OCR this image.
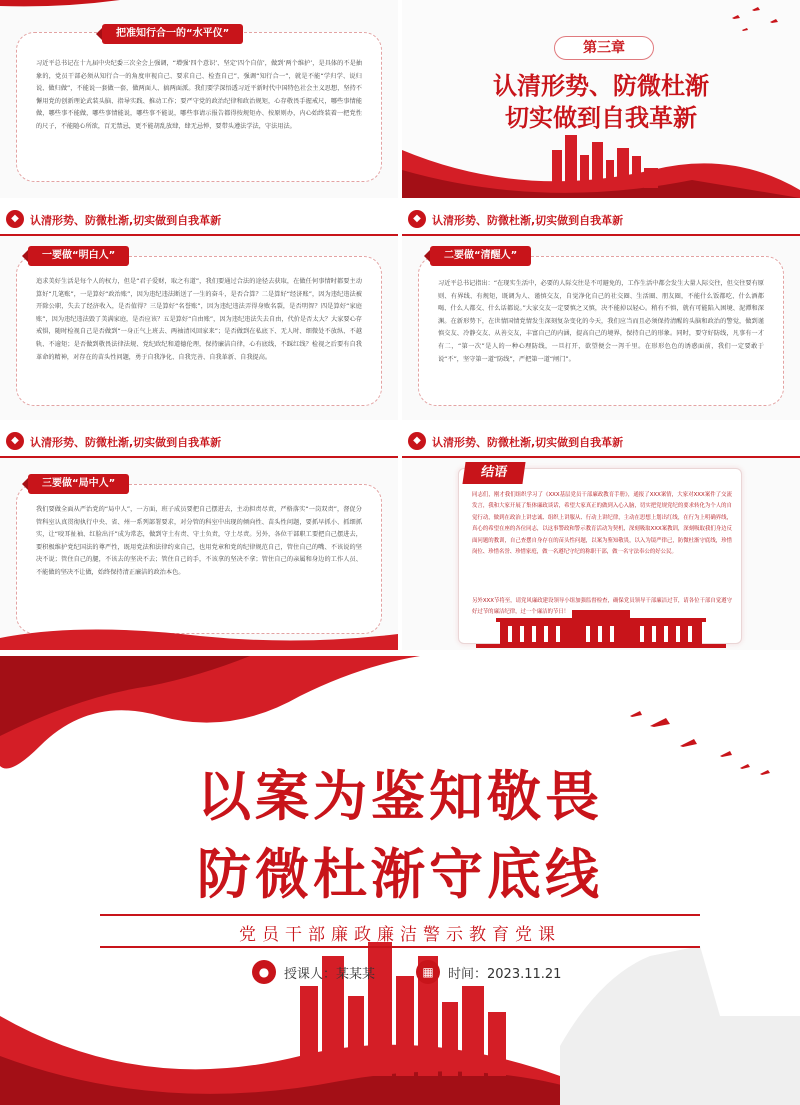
把准知行合一的“水平仪”
习近平总书记在十九届中央纪委三次全会上强调，“增强‘四个意识’、坚定‘四个自信’，做到‘两个维护’，是具体的不是抽象的，党员干部必须从知行合一的角度审视自己、要求自己、检查自己”，强调“知行合一”，就是不能“学归学、说归说、做归做”，不能说一套做一套，做两面人、搞两面派。我们要学深悟透习近平新时代中国特色社会主义思想，坚持不懈用党的创新理论武装头脑、指导实践、推动工作；要严守党的政治纪律和政治规矩，心存敬畏手握戒尺，哪些事情能做，哪些事不能做，哪些事情能说，哪些事不能说，哪些事请示报告都得按规矩办、按原则办，内心始终装着一把党性的尺子，不能随心所欲，百无禁忌，更不能胡乱放肆，肆无忌惮，要带头遵法学法，守法用法。
第三章
认清形势、防微杜渐
切实做到自我革新
◆	认清形势、防微杜渐,切实做到自我革新
一要做“明白人”
追求美好生活是每个人的权力，但是“君子爱财，取之有道”，我们要通过合法的途径去获取，在做任何事情时都要主动算好“几笔账”，一是算好“政治账”，因为违纪违法断送了一生的奋斗，是否合算？二是算好“经济账”，因为违纪违法被开除公职，失去了经济收入，是否值得？三是算好“名誉账”，因为违纪违法弄得身败名裂，是否明智？四是算好“家庭账”，因为违纪违法毁了美满家庭，是否应该？五是算好“自由账”，因为违纪违法失去自由，代价是否太大？大家要心存戒惧，随时检视自己是否做到“一身正气上班去、两袖清风回家来”；是否做到在私底下、无人时、细微处不放纵、不越轨、不逾矩；是否做到敬畏法律法规、党纪政纪和道德伦理，保持廉洁自律，心有底线，不踩红线？检视之后要有自我革命的精神，对存在的苗头性问题，勇于自我净化、自我完善、自我革新、自我提高。
◆	认清形势、防微杜渐,切实做到自我革新
二要做“清醒人”
习近平总书记指出：“在现实生活中，必要的人际交往是不可避免的，工作生活中都会发生大量人际交往，但交往要有原则、有界线、有规矩，既调为人、谨慎交友，自觉净化自己的社交圈、生活圈、朋友圈，不能什么饭都吃、什么酒都喝、什么人都交、什么话都说。”大家交友一定要慎之又慎，决不能掉以轻心。稍有不慎，就有可能陷入困境、泥潭和深渊。在新形势下，在世情国情党情发生深刻复杂变化的今天，我们应当而且必须保持清醒的头脑和政治的警觉，做到谨慎交友、冷静交友、从善交友，丰富自己的内涵，提高自己的境界，保持自己的形象。同时，要守好防线，凡事有一才有二，“第一次”是人的一种心理防线，一旦打开，欲望便会一泻千里。在形形色色的诱惑面前，我们一定要敢于说“不”，坚守第一道“防线”，严把第一道“闸门”。
◆	认清形势、防微杜渐,切实做到自我革新
三要做“局中人”
我们要做全面从严治党的“局中人”，一方面，班子成员要把自己摆进去，主动担责尽责，严格落实“一岗双责”，督促分管科室认真贯彻执行中央、省、州一系列部署要求，对分管的科室中出现的倾向性、苗头性问题，要抓早抓小、抓细抓实，让“咬耳扯袖、红脸出汗”成为常态，做到守土有责、守土负责，守土尽责。另外，各位干部职工要把自己摆进去，要积极维护党纪国法的尊严性，既用党法和法律约束自己，也用党章和党的纪律规范自己，管住自己的嘴、不该说的坚决不说；管住自己的腿，不该去的坚决不去；管住自己的手，不该拿的坚决不拿；管住自己的亲属和身边的工作人员、不能做的坚决不让做，始终保持清正廉洁的政治本色。
◆	认清形势、防微杜渐,切实做到自我革新
结语
同志们，刚才我们组织学习了《XXX基层党员干部廉政教育手册》，通报了XXX案情，大家对XXX案件了交流发言，我和大家开展了集体廉政谈话，希望大家真正的做到入心入脑，切实把党规党纪的要求转化为个人的自觉行动，做到在政治上讲忠诚、组织上讲服从、行动上讲纪律，主动在思想上划出红线，在行为上明确界线，真心的希望在座的各位同志，以这事警政和警示教育活动为契机，深刻吸取XXX案教训，深刻吸取我们身边反面问题的教训，自己查摆自身存在的苗头性问题，以案为鉴知敬畏，以入为镜严律己，防微杜渐守底线，珍惜岗位、珍惜名誉、珍惜家庭，做一名遵纪守纪的称职干部，做一名守法奉公的好公民。
另外XXX节将至，请党风廉政建设领导小组加强监督检查，确保党员领导干部廉洁过节，请各位干部自觉遵守好过节的廉洁纪律，过一个廉洁的节日！
以案为鉴知敬畏
防微杜渐守底线
党员干部廉政廉洁警示教育党课
●	授课人：某某某	▦	时间：2023.11.21
